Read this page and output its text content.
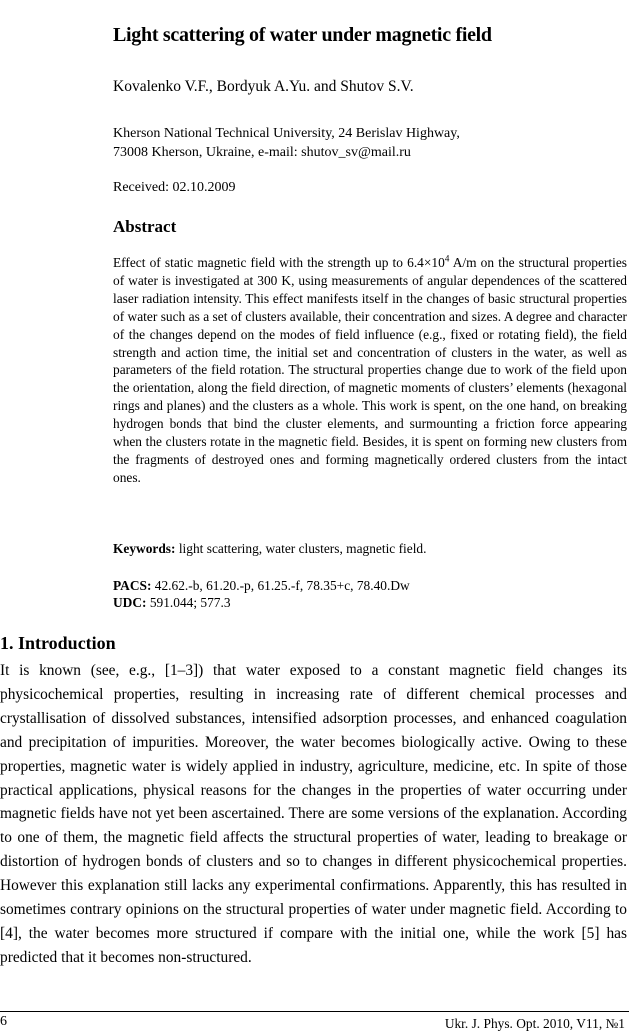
Light scattering of water under magnetic field
Kovalenko V.F., Bordyuk A.Yu. and Shutov S.V.
Kherson National Technical University, 24 Berislav Highway,
73008 Kherson, Ukraine, e-mail: shutov_sv@mail.ru
Received: 02.10.2009
Abstract
Effect of static magnetic field with the strength up to $6.4\times 10^4$ A/m on the structural properties of water is investigated at 300 K, using measurements of angular dependences of the scattered laser radiation intensity. This effect manifests itself in the changes of basic structural properties of water such as a set of clusters available, their concentration and sizes. A degree and character of the changes depend on the modes of field influence (e.g., fixed or rotating field), the field strength and action time, the initial set and concentration of clusters in the water, as well as parameters of the field rotation. The structural properties change due to work of the field upon the orientation, along the field direction, of magnetic moments of clusters’ elements (hexagonal rings and planes) and the clusters as a whole. This work is spent, on the one hand, on breaking hydrogen bonds that bind the cluster elements, and surmounting a friction force appearing when the clusters rotate in the magnetic field. Besides, it is spent on forming new clusters from the fragments of destroyed ones and forming magnetically ordered clusters from the intact ones.
Keywords: light scattering, water clusters, magnetic field.
PACS: 42.62.-b, 61.20.-p, 61.25.-f, 78.35+c, 78.40.Dw
UDC: 591.044; 577.3
1. Introduction
It is known (see, e.g., [1–3]) that water exposed to a constant magnetic field changes its physicochemical properties, resulting in increasing rate of different chemical processes and crystallisation of dissolved substances, intensified adsorption processes, and enhanced coagulation and precipitation of impurities. Moreover, the water becomes biologically active. Owing to these properties, magnetic water is widely applied in industry, agriculture, medicine, etc. In spite of those practical applications, physical reasons for the changes in the properties of water occurring under magnetic fields have not yet been ascertained. There are some versions of the explanation. According to one of them, the magnetic field affects the structural properties of water, leading to breakage or distortion of hydrogen bonds of clusters and so to changes in different physicochemical properties. However this explanation still lacks any experimental confirmations. Apparently, this has resulted in sometimes contrary opinions on the structural properties of water under magnetic field. According to [4], the water becomes more structured if compare with the initial one, while the work [5] has predicted that it becomes non-structured.
6	Ukr. J. Phys. Opt. 2010, V11, №1
